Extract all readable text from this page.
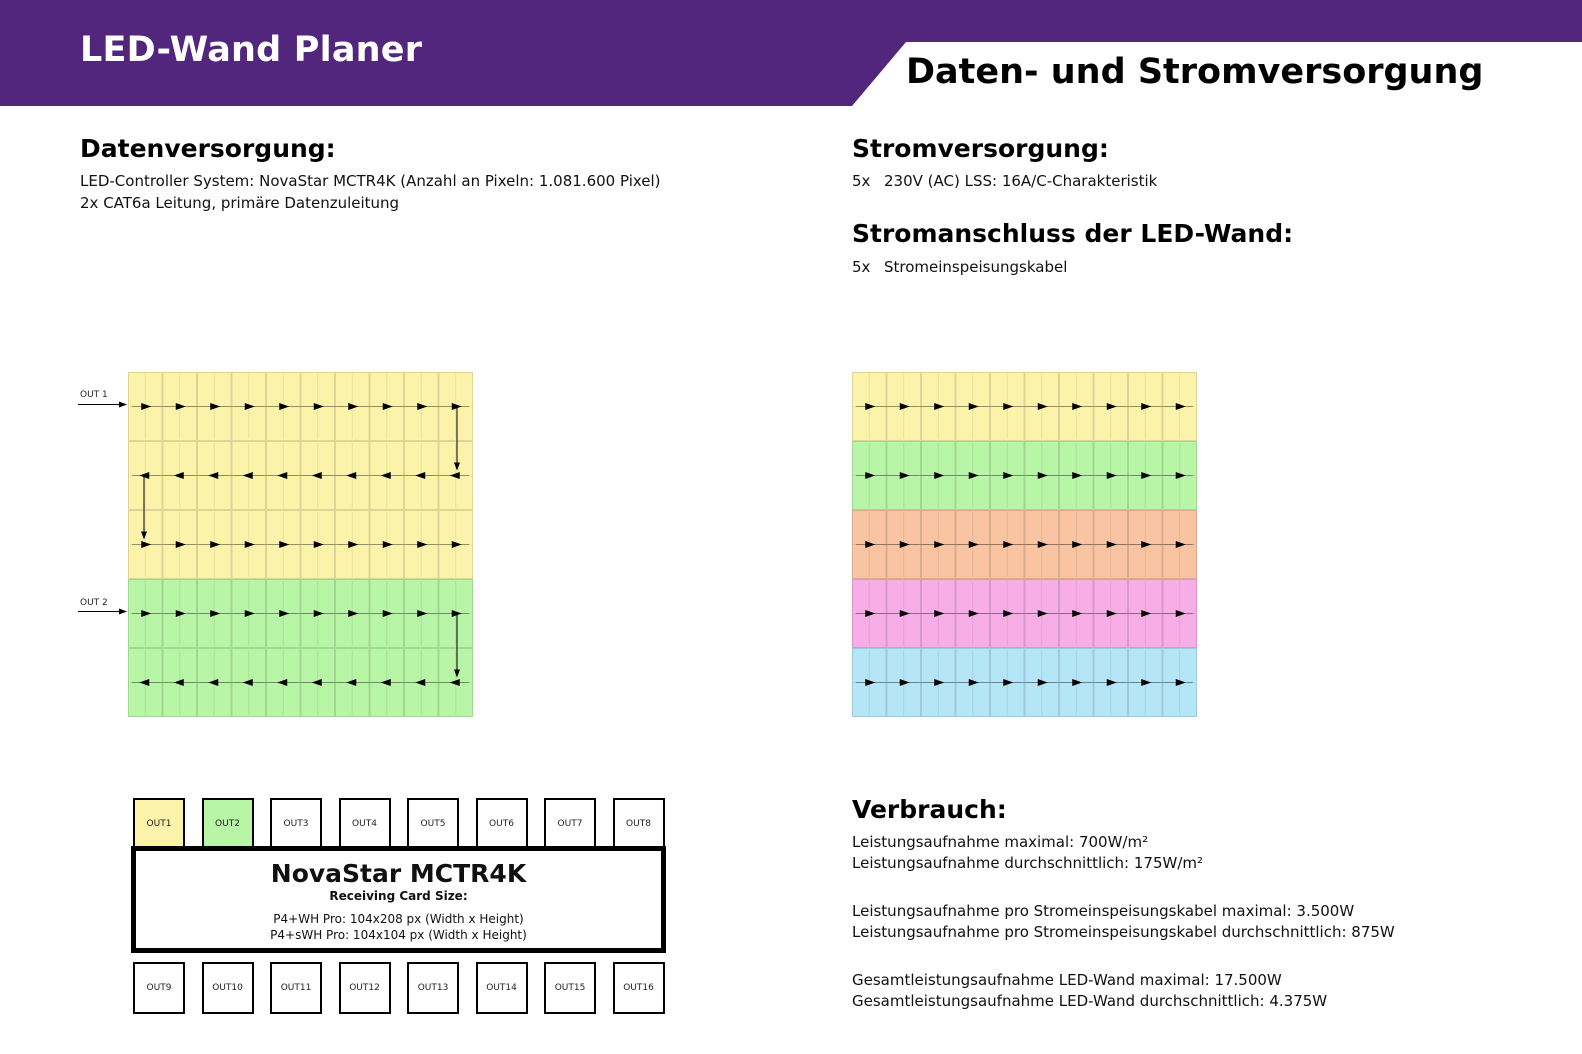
LED-Wand Planer
Daten- und Stromversorgung
Datenversorgung:
LED-Controller System: NovaStar MCTR4K (Anzahl an Pixeln: 1.081.600 Pixel)
2x CAT6a Leitung, primäre Datenzuleitung
Stromversorgung:
5x 230V (AC) LSS: 16A/C-Charakteristik
Stromanschluss der LED-Wand:
5x Stromeinspeisungskabel
OUT 1
OUT 2
OUT1	OUT2	OUT3	OUT4	OUT5	OUT6	OUT7	OUT8
OUT9	OUT10	OUT11	OUT12	OUT13	OUT14	OUT15	OUT16
NovaStar MCTR4K
Receiving Card Size:
P4+WH Pro: 104x208 px (Width x Height)
P4+sWH Pro: 104x104 px (Width x Height)
Verbrauch:
Leistungsaufnahme maximal: 700W/m²
Leistungsaufnahme durchschnittlich: 175W/m²
Leistungsaufnahme pro Stromeinspeisungskabel maximal: 3.500W
Leistungsaufnahme pro Stromeinspeisungskabel durchschnittlich: 875W
Gesamtleistungsaufnahme LED-Wand maximal: 17.500W
Gesamtleistungsaufnahme LED-Wand durchschnittlich: 4.375W
